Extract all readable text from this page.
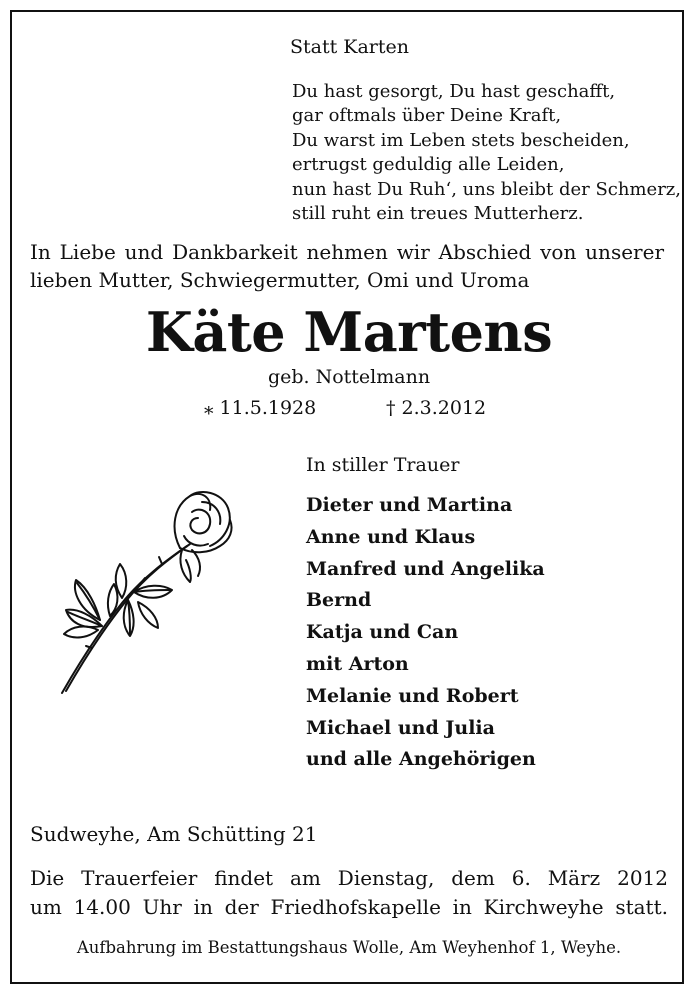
Statt Karten
Du hast gesorgt, Du hast geschafft,
gar oftmals über Deine Kraft,
Du warst im Leben stets bescheiden,
ertrugst geduldig alle Leiden,
nun hast Du Ruh‘, uns bleibt der Schmerz,
still ruht ein treues Mutterherz.
In Liebe und Dankbarkeit nehmen wir Abschied von unserer
lieben Mutter, Schwiegermutter, Omi und Uroma
Käte Martens
geb. Nottelmann
⁎ 11.5.1928	† 2.3.2012
In stiller Trauer
Dieter und Martina
Anne und Klaus
Manfred und Angelika
Bernd
Katja und Can
mit Arton
Melanie und Robert
Michael und Julia
und alle Angehörigen
Sudweyhe, Am Schütting 21
Die Trauerfeier findet am Dienstag, dem 6. März 2012
um 14.00 Uhr in der Friedhofskapelle in Kirchweyhe statt.
Aufbahrung im Bestattungshaus Wolle, Am Weyhenhof 1, Weyhe.
